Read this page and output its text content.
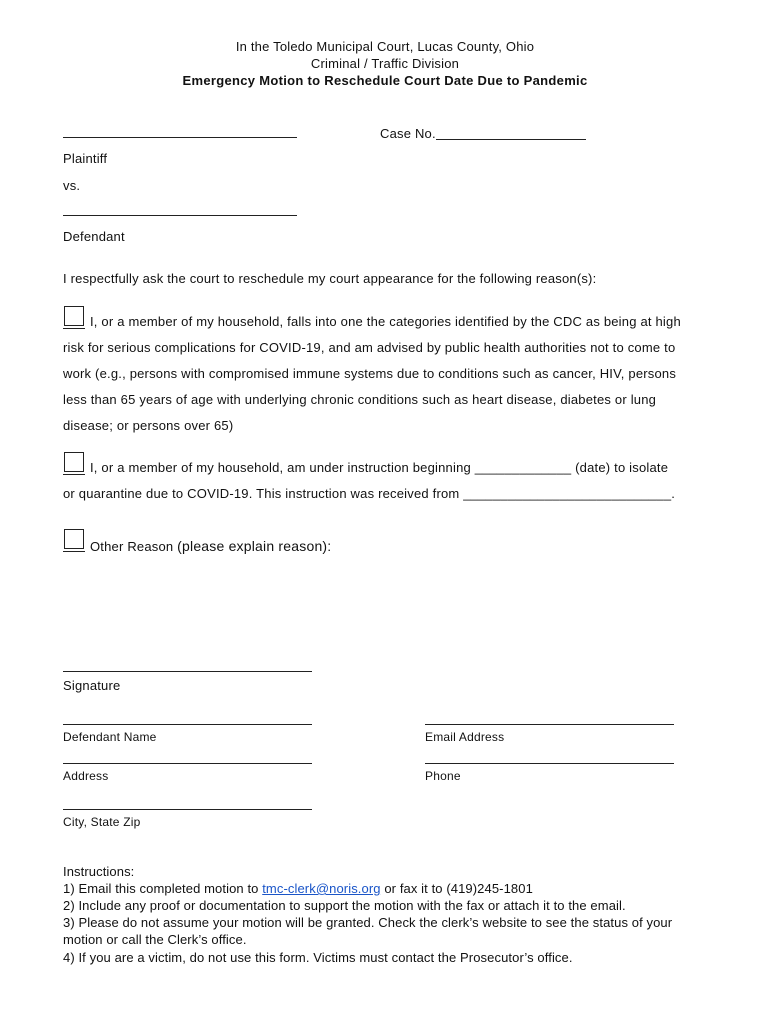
In the Toledo Municipal Court, Lucas County, Ohio
Criminal / Traffic Division
Emergency Motion to Reschedule Court Date Due to Pandemic
Case No.
Plaintiff
vs.
Defendant
I respectfully ask the court to reschedule my court appearance for the following reason(s):
I, or a member of my household, falls into one the categories identified by the CDC as being at high
risk for serious complications for COVID-19, and am advised by public health authorities not to come to
work (e.g., persons with compromised immune systems due to conditions such as cancer, HIV, persons
less than 65 years of age with underlying chronic conditions such as heart disease, diabetes or lung
disease; or persons over 65)
I, or a member of my household, am under instruction beginning _____________ (date) to isolate
or quarantine due to COVID-19. This instruction was received from ____________________________.
Other Reason (please explain reason):
Signature
Defendant Name	Email Address
Address	Phone
City, State Zip
Instructions:
1) Email this completed motion to tmc-clerk@noris.org or fax it to (419)245-1801
2) Include any proof or documentation to support the motion with the fax or attach it to the email.
3) Please do not assume your motion will be granted. Check the clerk’s website to see the status of your
motion or call the Clerk’s office.
4) If you are a victim, do not use this form. Victims must contact the Prosecutor’s office.
